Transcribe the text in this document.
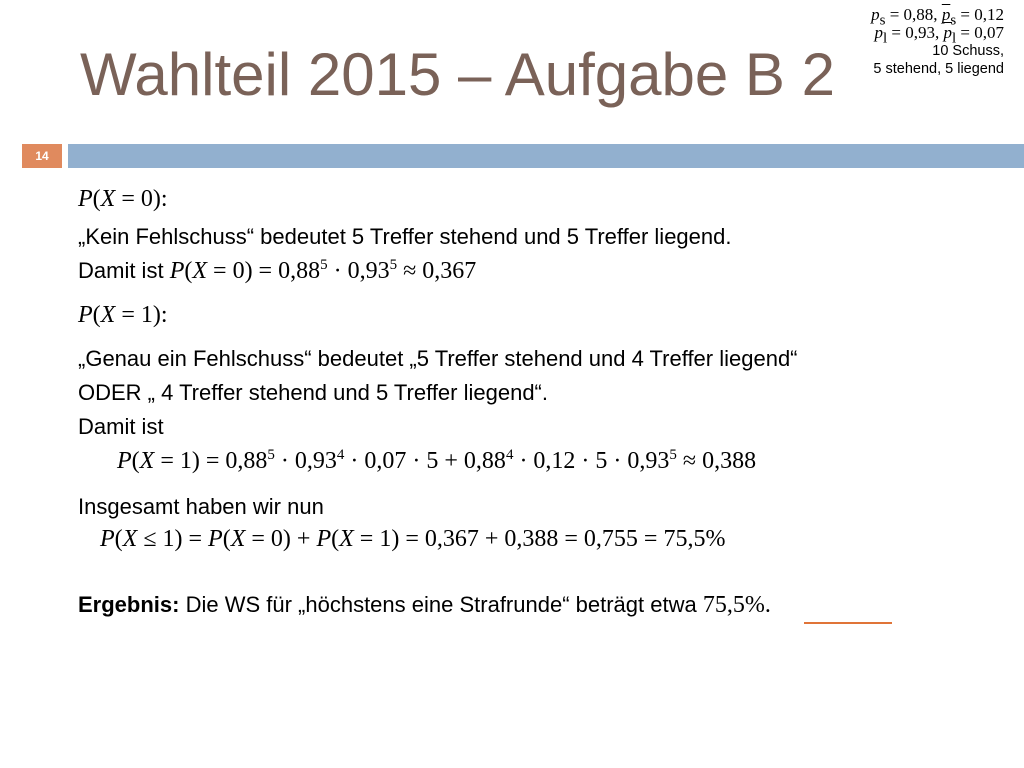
Wahlteil 2015 – Aufgabe B 2
$p_s = 0,88$, $\overline{p}_s = 0,12$
$p_l = 0,93$, $\overline{p}_l = 0,07$
10 Schuss,
5 stehend, 5 liegend
14
P(X = 0):
„Kein Fehlschuss“ bedeutet 5 Treffer stehend und 5 Treffer liegend.
Damit ist $P(X = 0) = 0,88^5 \cdot 0,93^5 \approx 0,367$
P(X = 1):
„Genau ein Fehlschuss“ bedeutet „5 Treffer stehend und 4 Treffer liegend“
ODER „ 4 Treffer stehend und 5 Treffer liegend“.
Damit ist
$P(X = 1) = 0,88^5 \cdot 0,93^4 \cdot 0,07 \cdot 5 + 0,88^4 \cdot 0,12 \cdot 5 \cdot 0,93^5 \approx 0,388$
Insgesamt haben wir nun
P(X ≤ 1) = P(X = 0) + P(X = 1) = 0,367 + 0,388 = 0,755 = 75,5%
Ergebnis: Die WS für „höchstens eine Strafrunde“ beträgt etwa 75,5%.
